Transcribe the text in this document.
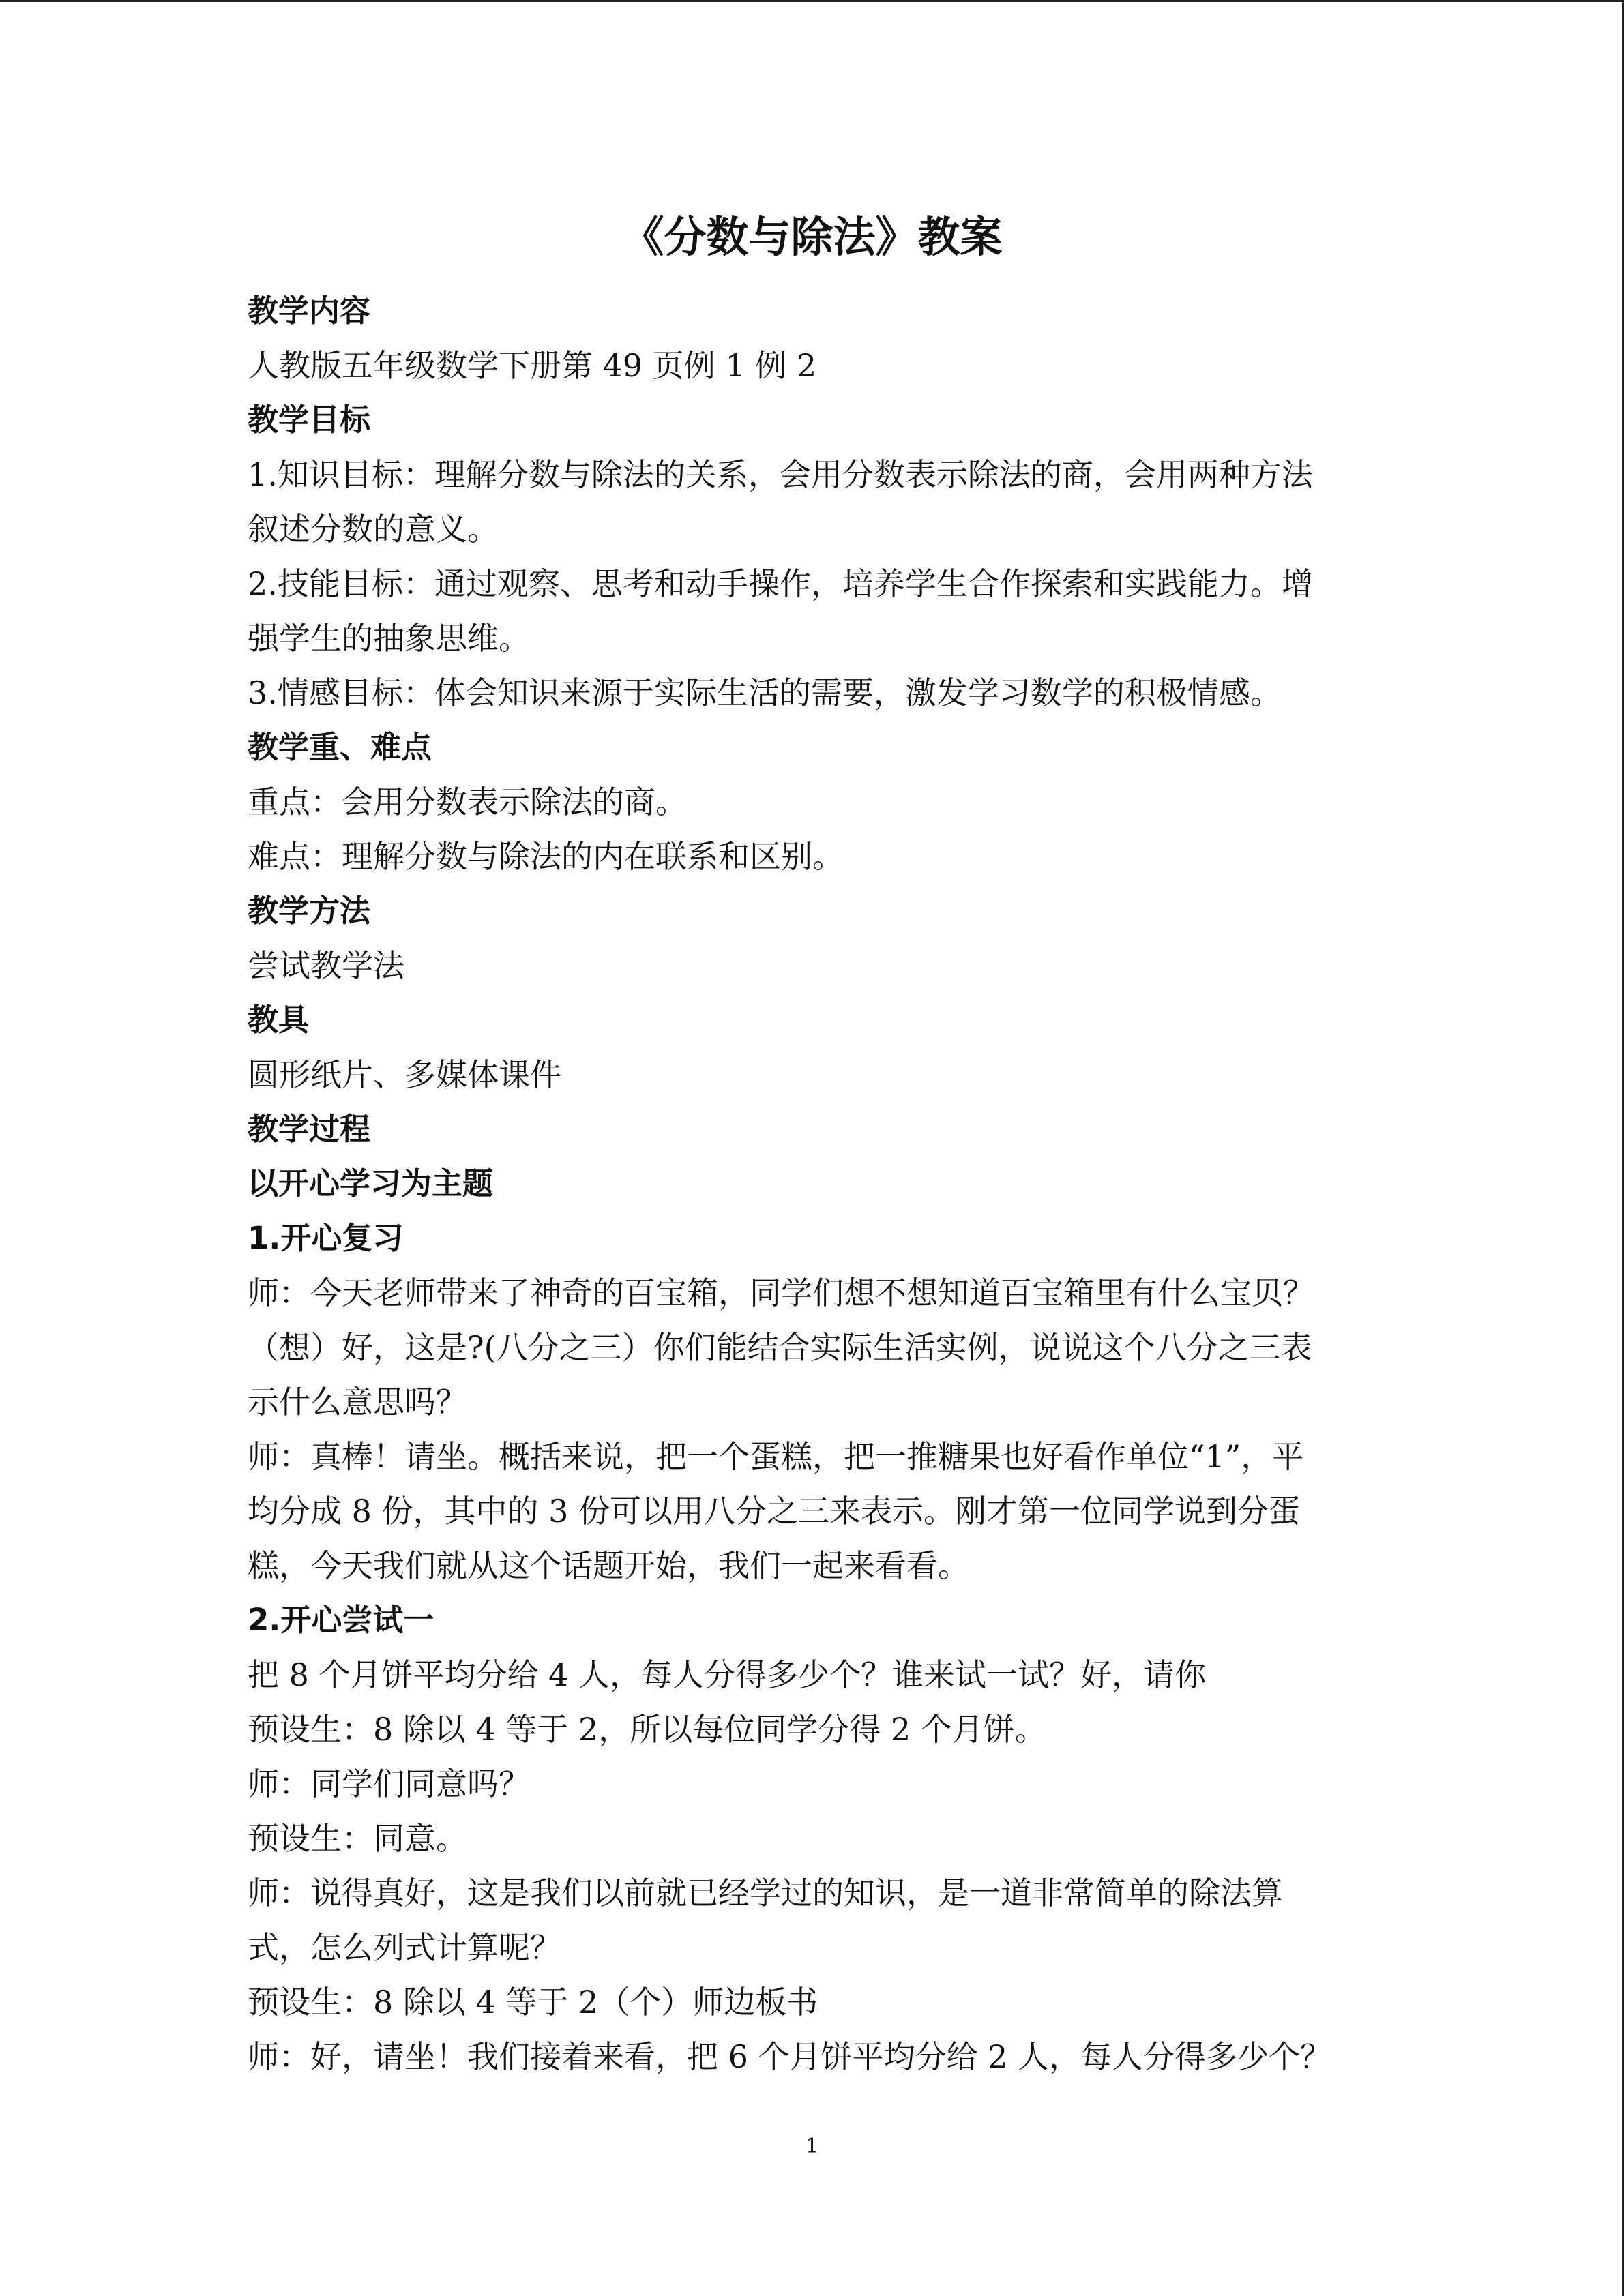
《分数与除法》教案

教学内容

人教版五年级数学下册第 49 页例 1 例 2

教学目标

1.知识目标：理解分数与除法的关系，会用分数表示除法的商，会用两种方法

叙述分数的意义。

2.技能目标：通过观察、思考和动手操作，培养学生合作探索和实践能力。增

强学生的抽象思维。

3.情感目标：体会知识来源于实际生活的需要，激发学习数学的积极情感。

教学重、难点

重点：会用分数表示除法的商。

难点：理解分数与除法的内在联系和区别。

教学方法

尝试教学法

教具

圆形纸片、多媒体课件

教学过程

以开心学习为主题

1.开心复习

师：今天老师带来了神奇的百宝箱，同学们想不想知道百宝箱里有什么宝贝？

（想）好，这是?(八分之三）你们能结合实际生活实例，说说这个八分之三表

示什么意思吗？

师：真棒！请坐。概括来说，把一个蛋糕，把一推糖果也好看作单位“1”，平

均分成 8 份，其中的 3 份可以用八分之三来表示。刚才第一位同学说到分蛋

糕，今天我们就从这个话题开始，我们一起来看看。

2.开心尝试一

把 8 个月饼平均分给 4 人，每人分得多少个？谁来试一试？好，请你

预设生：8 除以 4 等于 2，所以每位同学分得 2 个月饼。

师：同学们同意吗？

预设生：同意。

师：说得真好，这是我们以前就已经学过的知识，是一道非常简单的除法算

式，怎么列式计算呢？

预设生：8 除以 4 等于 2（个）师边板书

师：好，请坐！我们接着来看，把 6 个月饼平均分给 2 人，每人分得多少个？

1
